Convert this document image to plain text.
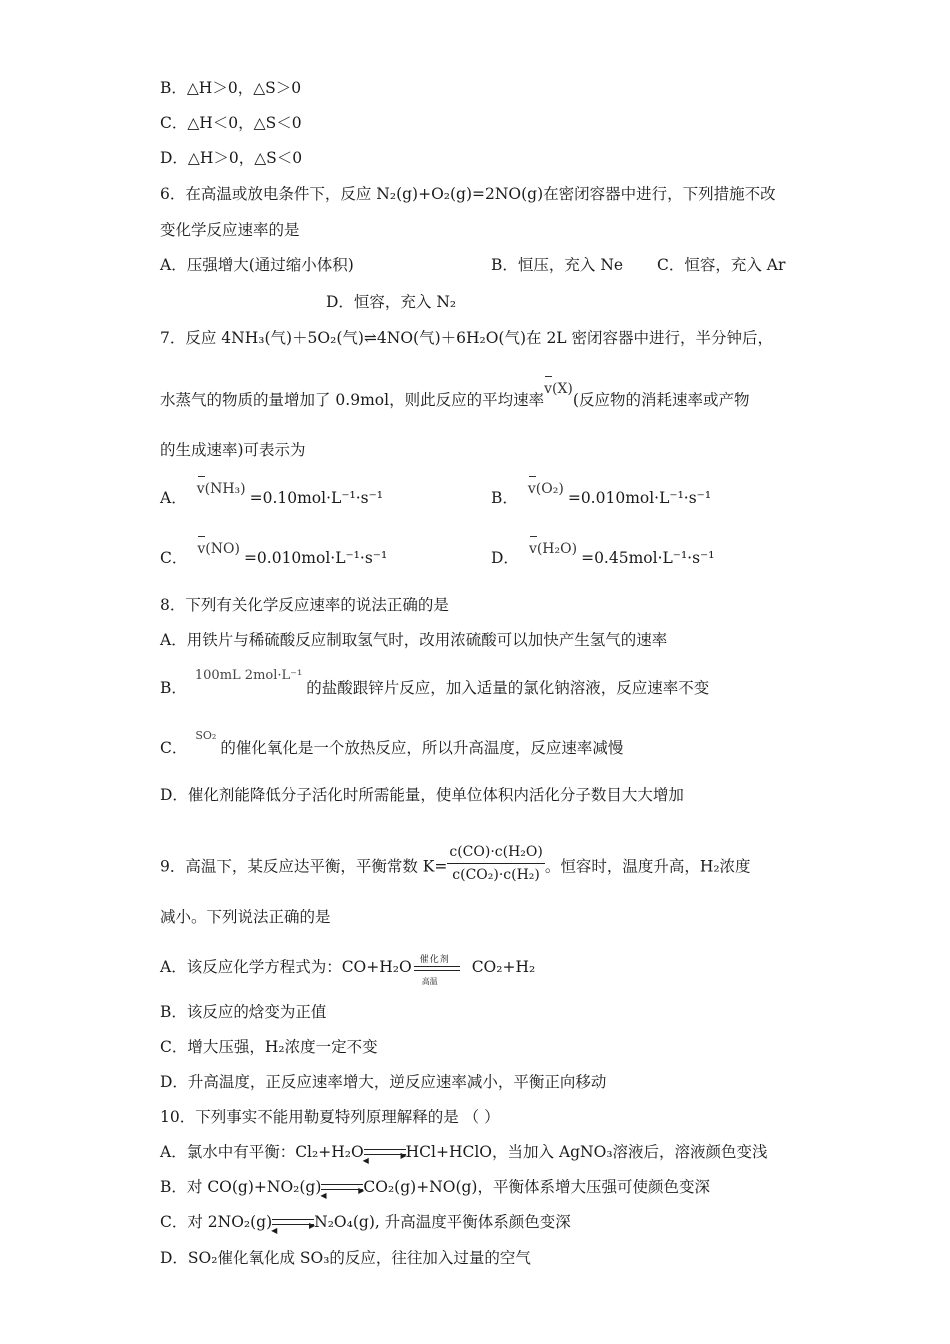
B．△H＞0，△S＞0
C．△H＜0，△S＜0
D．△H＞0，△S＜0
6．在高温或放电条件下，反应 N₂(g)+O₂(g)=2NO(g)在密闭容器中进行，下列措施不改
变化学反应速率的是
A．压强增大(通过缩小体积)	B．恒压，充入 Ne C．恒容，充入 Ar
D．恒容，充入 N₂
7．反应 4NH₃(气)＋5O₂(气)⇌4NO(气)＋6H₂O(气)在 2L 密闭容器中进行，半分钟后，
水蒸气的物质的量增加了 0.9mol，则此反应的平均速率
v(X)(反应物的消耗速率或产物
的生成速率)可表示为
A． v(NH₃) =0.10mol·L⁻¹·s⁻¹	B． v(O₂) =0.010mol·L⁻¹·s⁻¹
C． v(NO) =0.010mol·L⁻¹·s⁻¹	D． v(H₂O) =0.45mol·L⁻¹·s⁻¹
8．下列有关化学反应速率的说法正确的是
A．用铁片与稀硫酸反应制取氢气时，改用浓硫酸可以加快产生氢气的速率
B．$^{100mL 2mol\cdot L^{-1}}$的盐酸跟锌片反应，加入适量的氯化钠溶液，反应速率不变
C．$^{SO_2}$的催化氧化是一个放热反应，所以升高温度，反应速率减慢
D．催化剂能降低分子活化时所需能量，使单位体积内活化分子数目大大增加
9．高温下，某反应达平衡，平衡常数 $K= \frac{\text{c(CO)·c(H₂O)}}{\text{c(CO₂)·c(H₂)}}$ 。恒容时，温度升高，H₂浓度
减小。下列说法正确的是
A．该反应化学方程式为：CO+H₂O 催化剂
高温
CO₂+H₂
B．该反应的焓变为正值
C．增大压强，H₂浓度一定不变
D．升高温度，正反应速率增大，逆反应速率减小，平衡正向移动
10．下列事实不能用勒夏特列原理解释的是 （ ）
A．氯水中有平衡：Cl₂+H₂O	▶
◀ HCl+HClO，当加入 AgNO₃溶液后，溶液颜色变浅
B．对 CO(g)+NO₂(g)	▶
◀ CO₂(g)+NO(g)，平衡体系增大压强可使颜色变深
C．对 2NO₂(g)	▶
◀ N₂O₄(g), 升高温度平衡体系颜色变深
D．SO₂催化氧化成 SO₃的反应，往往加入过量的空气
